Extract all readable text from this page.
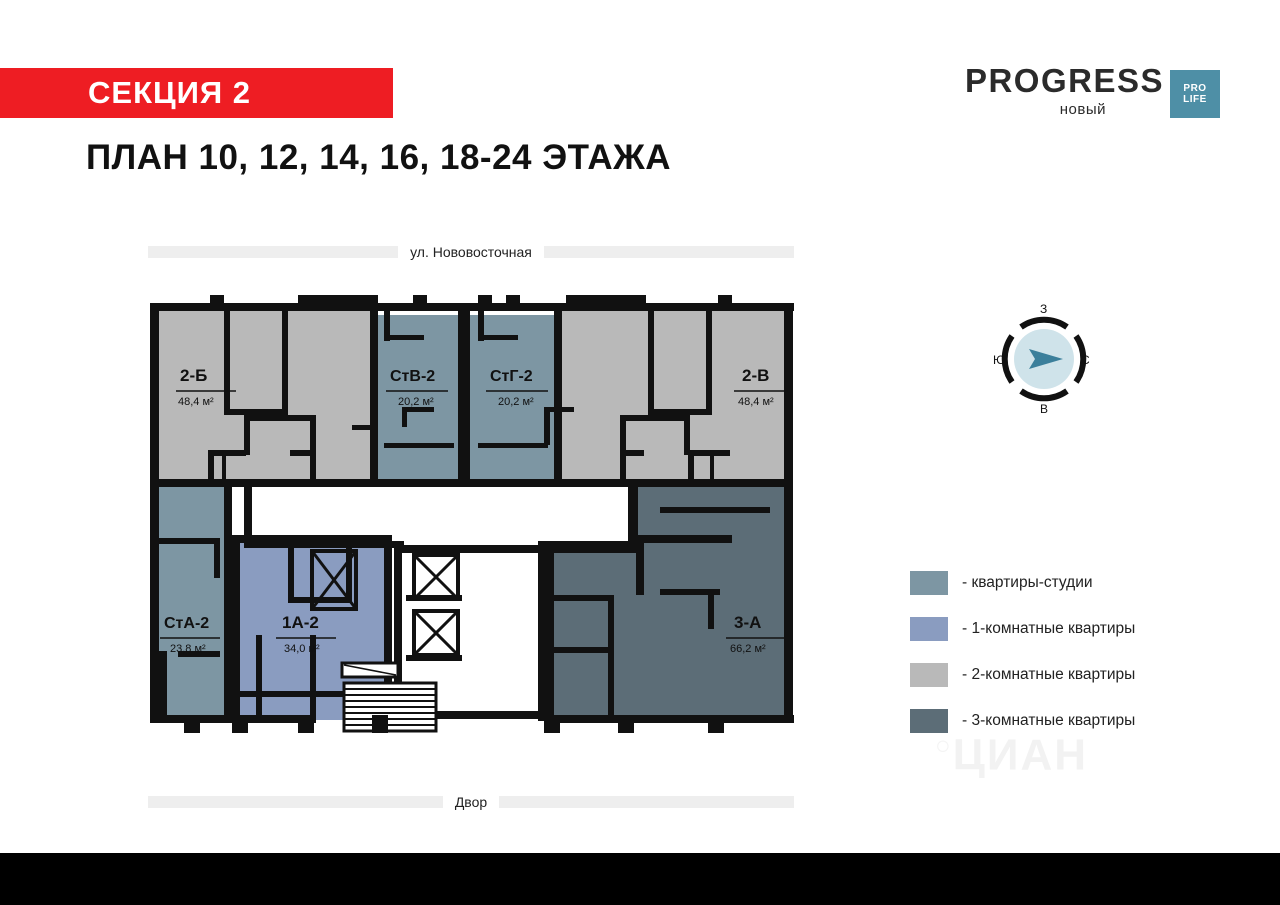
СЕКЦИЯ 2
ПЛАН 10, 12, 14, 16, 18-24 ЭТАЖА
PROGRESS
новый
PRO
LIFE
ул. Нововосточная
Двор
2-Б
48,4 м²
СтВ-2
20,2 м²
СтГ-2
20,2 м²
2-В
48,4 м²
СтА-2
23,8 м²
1А-2
34,0 м²
3-А
66,2 м²
С
Ю
З
В
- квартиры-студии
- 1-комнатные квартиры
- 2-комнатные квартиры
- 3-комнатные квартиры
○ЦИАН
